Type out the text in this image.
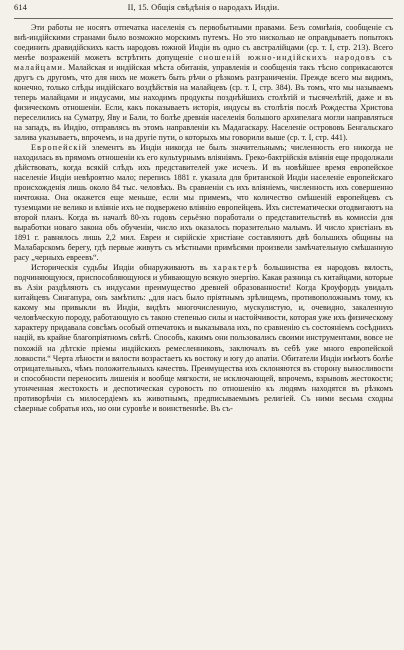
614	II, 15. Общія свѣдѣнія о народахъ Индіи.

Эти работы не носятъ отпечатка населенія съ первобытными правами. Безъ сомнѣнія, сообщеніе съ внѣ-индійскими странами было возможно морскимъ путемъ. Но это нисколько не оправдываетъ попытокъ соединить дравидійскихъ касть народовъ южной Индіи въ одно съ австралійцами (ср. т. I, стр. 213). Всего менѣе возраженій можетъ встрѣтить допущеніе сношеній южно-индійскихъ народовъ съ малайцами. Малайская и индійская мѣста обитанія, управленія и сообщенія такъ тѣсно соприкасаются другъ съ другомъ, что для нихъ не можетъ быть рѣчи о рѣзкомъ разграниченіи. Прежде всего мы видимъ, конечно, только слѣды индійскаго воздѣйствія на малайцевъ (ср. т. I, стр. 384). Въ томъ, что мы называемъ теперь малайцами и индусами, мы находимъ продукты позднѣйшихъ столѣтій и тысячелѣтій, даже и въ физическомъ отношеніи. Если, какъ показываетъ исторія, индусы въ столѣтія послѣ Рождества Христова переселились на Суматру, Яву и Бали, то болѣе древнія населенія большого архипелага могли направляться на западъ, въ Индію, отправлясь въ этомъ направленіи къ Мадагаскару. Населеніе острововъ Бенгальскаго залива указываетъ, впрочемъ, и на другіе пути, о которыхъ мы говорили выше (ср. т. I, стр. 441).

Европейскій элементъ въ Индіи никогда не былъ значительнымъ; численность его никогда не находилась въ прямомъ отношеніи къ его культурнымъ вліяніямъ. Греко-бактрійскія вліянія еще продолжали дѣйствовать, когда всякій слѣдъ ихъ представителей уже исчезъ. И въ новѣйшее время европейское населеніе Индіи невѣроятно мало; перепись 1881 г. указала для британской Индіи населеніе европейскаго происхожденія лишь около 84 тыс. человѣкъ. Въ сравненіи съ ихъ вліяніемъ, численность ихъ совершенно ничтожна. Она окажется еще меньше, если мы примемъ, что количество смѣшеній европейцевъ съ туземцами не велико и вліяніе ихъ не подвержено вліянію европейцевъ. Ихъ систематически отодвигаютъ на второй планъ. Когда въ началѣ 80-хъ годовъ серьёзно поработали о представительствѣ въ комиссіи для выработки новаго закона объ обученіи, число ихъ оказалось поразительно малымъ. И число христіанъ въ 1891 г. равнялось лишь 2,2 мил. Евреи и сирійскіе христіане составляютъ двѣ большихъ общины на Малабарскомъ берегу, гдѣ первые живутъ съ мѣстными примѣсями произвели замѣчательную смѣшанную расу „черныхъ евреевъ“.

Историческія судьбы Индіи обнаруживаютъ въ характерѣ большинства ея народовъ вялость, подчиняющуюся, приспособляющуюся и убивающую всякую энергію. Какая разница съ китайцами, которые въ Азіи раздѣляютъ съ индусами преимущество древней образованности! Когда Кроуфордъ увидалъ китайцевъ Сингапура, онъ замѣтилъ: „для насъ было пріятнымъ зрѣлищемъ, противоположнымъ тому, къ какому мы привыкли въ Индіи, видѣть многочисленную, мускулистую, и, очевидно, закаленную человѣческую породу, работающую съ такою степенью силы и настойчивости, которая уже ихъ физическому характеру придавала совсѣмъ особый отпечатокъ и выказывала ихъ, по сравненію съ состояніемъ сосѣднихъ націй, въ крайне благопріятномъ свѣтѣ. Способъ, какимъ они пользовались своими инструментами, вовсе не похожій на дѣтскіе пріемы индійскихъ ремесленниковъ, заключалъ въ себѣ уже много европейской ловкости.“ Черта лѣности и вялости возрастаетъ къ востоку и югу до апатіи. Обитатели Индіи имѣютъ болѣе отрицательныхъ, чѣмъ положительныхъ качествъ. Преимущества ихъ склоняются въ сторону выносливости и способности переносить лишенія и вообще мягкости, не исключающей, впрочемъ, взрывовъ жестокости; утонченная жестокость и деспотическая суровость по отношенію къ людямъ находятся въ рѣзкомъ противорѣчіи съ милосердіемъ къ животнымъ, предписываемымъ религіей. Съ ними весьма сходны сѣверные собратья ихъ, но они суровѣе и воинственнѣе. Въ съ-
